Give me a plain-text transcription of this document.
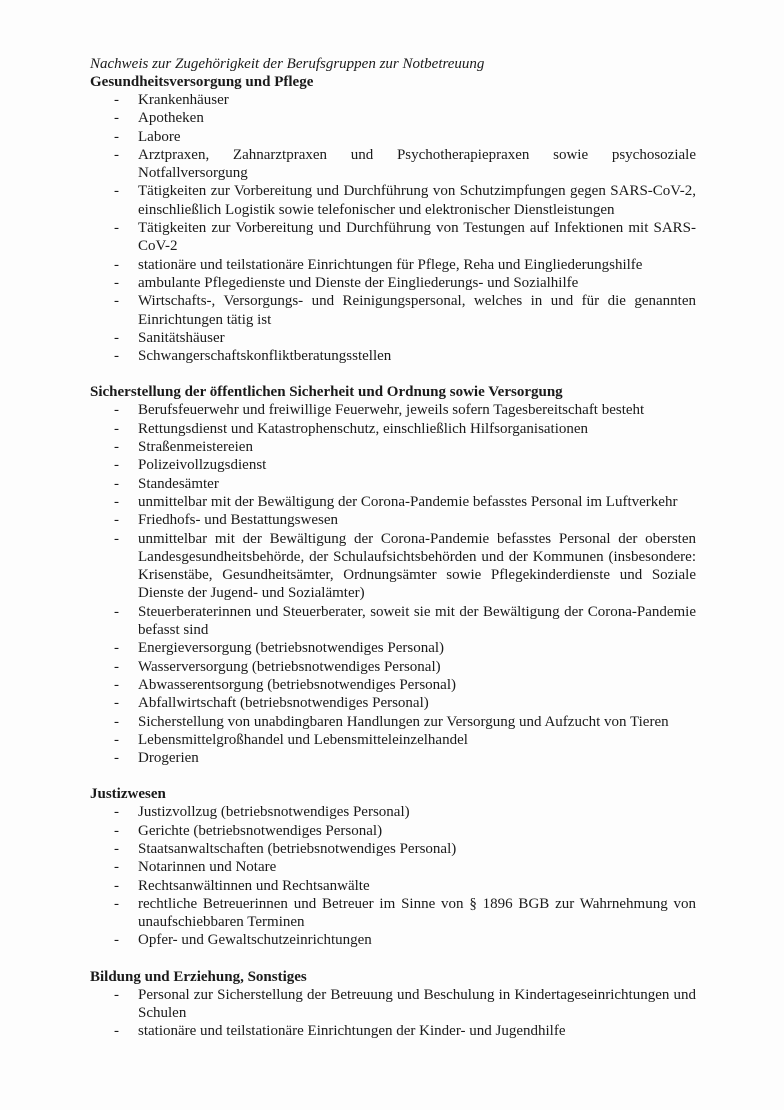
Nachweis zur Zugehörigkeit der Berufsgruppen zur Notbetreuung

Gesundheitsversorgung und Pflege
- Krankenhäuser
- Apotheken
- Labore
- Arztpraxen, Zahnarztpraxen und Psychotherapiepraxen sowie psychosoziale Notfallversorgung
- Tätigkeiten zur Vorbereitung und Durchführung von Schutzimpfungen gegen SARS-CoV-2, einschließlich Logistik sowie telefonischer und elektronischer Dienstleistungen
- Tätigkeiten zur Vorbereitung und Durchführung von Testungen auf Infektionen mit SARS-CoV-2
- stationäre und teilstationäre Einrichtungen für Pflege, Reha und Eingliederungshilfe
- ambulante Pflegedienste und Dienste der Eingliederungs- und Sozialhilfe
- Wirtschafts-, Versorgungs- und Reinigungspersonal, welches in und für die genannten Einrichtungen tätig ist
- Sanitätshäuser
- Schwangerschaftskonfliktberatungsstellen
Sicherstellung der öffentlichen Sicherheit und Ordnung sowie Versorgung
- Berufsfeuerwehr und freiwillige Feuerwehr, jeweils sofern Tagesbereitschaft besteht
- Rettungsdienst und Katastrophenschutz, einschließlich Hilfsorganisationen
- Straßenmeistereien
- Polizeivollzugsdienst
- Standesämter
- unmittelbar mit der Bewältigung der Corona-Pandemie befasstes Personal im Luftverkehr
- Friedhofs- und Bestattungswesen
- unmittelbar mit der Bewältigung der Corona-Pandemie befasstes Personal der obersten Landesgesundheitsbehörde, der Schulaufsichtsbehörden und der Kommunen (insbesondere: Krisenstäbe, Gesundheitsämter, Ordnungsämter sowie Pflegekinderdienste und Soziale Dienste der Jugend- und Sozialämter)
- Steuerberaterinnen und Steuerberater, soweit sie mit der Bewältigung der Corona-Pandemie befasst sind
- Energieversorgung (betriebsnotwendiges Personal)
- Wasserversorgung (betriebsnotwendiges Personal)
- Abwasserentsorgung (betriebsnotwendiges Personal)
- Abfallwirtschaft (betriebsnotwendiges Personal)
- Sicherstellung von unabdingbaren Handlungen zur Versorgung und Aufzucht von Tieren
- Lebensmittelgroßhandel und Lebensmitteleinzelhandel
- Drogerien
Justizwesen
- Justizvollzug (betriebsnotwendiges Personal)
- Gerichte (betriebsnotwendiges Personal)
- Staatsanwaltschaften (betriebsnotwendiges Personal)
- Notarinnen und Notare
- Rechtsanwältinnen und Rechtsanwälte
- rechtliche Betreuerinnen und Betreuer im Sinne von § 1896 BGB zur Wahrnehmung von unaufschiebbaren Terminen
- Opfer- und Gewaltschutzeinrichtungen
Bildung und Erziehung, Sonstiges
- Personal zur Sicherstellung der Betreuung und Beschulung in Kindertageseinrichtungen und Schulen
- stationäre und teilstationäre Einrichtungen der Kinder- und Jugendhilfe
